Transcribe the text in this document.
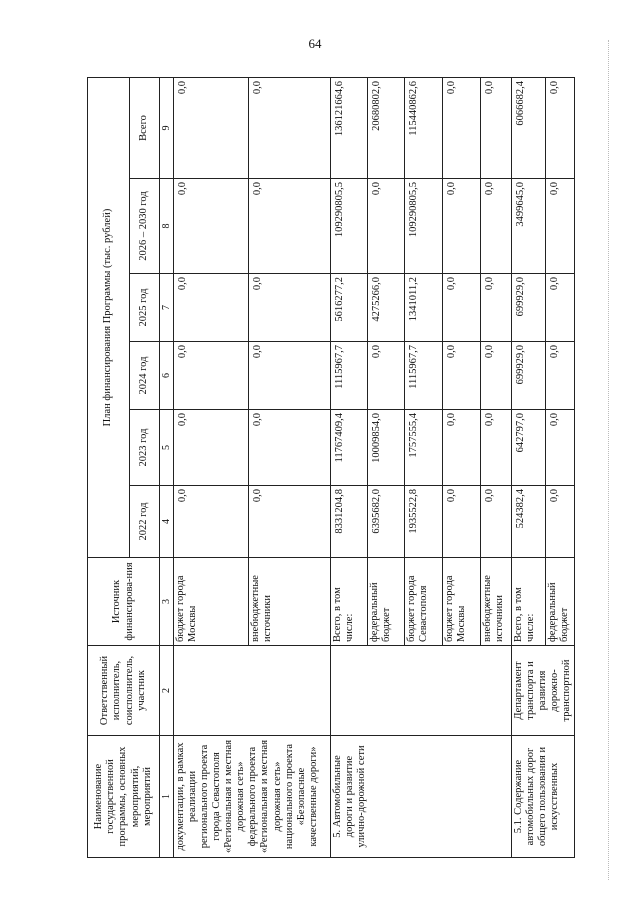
64
Наименование государственной программы, основных мероприятий, мероприятий	Ответственный исполнитель, соисполнитель, участник	Источник финансирова-ния	План финансирования Программы (тыс. рублей)					
			2022 год	2023 год	2024 год	2025 год	2026 – 2030 год	Всего
1	2	3	4	5	6	7	8	9
документации, в рамках реализации регионального проекта города Севастополя «Региональная и местная дорожная сеть» федерального проекта «Региональная и местная дорожная сеть» национального проекта «Безопасные качественные дороги»		бюджет города Москвы	0,0	0,0	0,0	0,0	0,0	0,0
		внебюджетные источники	0,0	0,0	0,0	0,0	0,0	0,0
5. Автомобильные дороги и развитие улично-дорожной сети		Всего, в том числе:	8331204,8	11767409,4	1115967,7	5616277,2	109290805,5	136121664,6
		федеральный бюджет	6395682,0	10009854,0	0,0	4275266,0	0,0	20680802,0
		бюджет города Севастополя	1935522,8	1757555,4	1115967,7	1341011,2	109290805,5	115440862,6
		бюджет города Москвы	0,0	0,0	0,0	0,0	0,0	0,0
		внебюджетные источники	0,0	0,0	0,0	0,0	0,0	0,0
5.1. Содержание автомобильных дорог общего пользования и искусственных	Департамент транспорта и развития дорожно-транспортной	Всего, в том числе:	524382,4	642797,0	699929,0	699929,0	3499645,0	6066682,4
		федеральный бюджет	0,0	0,0	0,0	0,0	0,0	0,0
